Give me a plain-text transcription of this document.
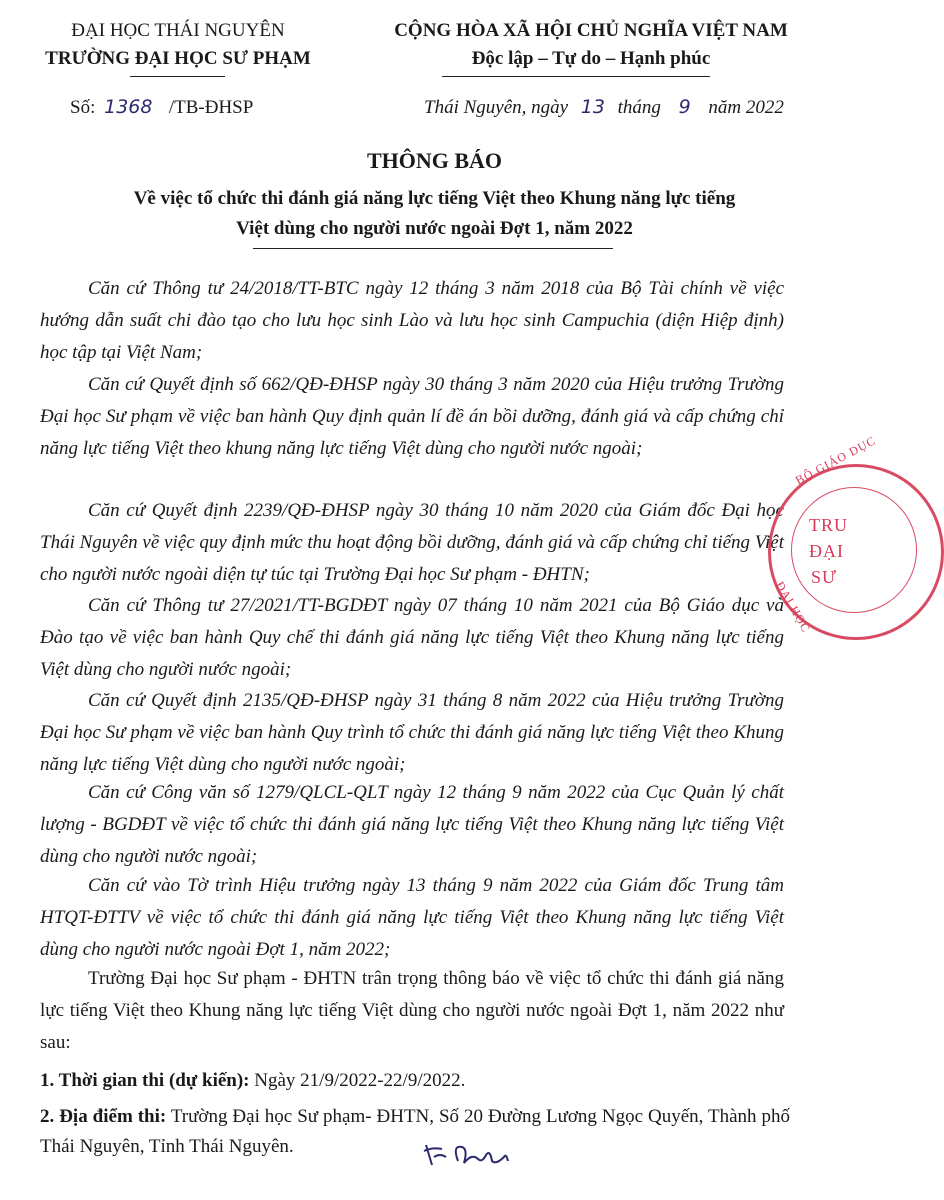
ĐẠI HỌC THÁI NGUYÊN
TRƯỜNG ĐẠI HỌC SƯ PHẠM
CỘNG HÒA XÃ HỘI CHỦ NGHĨA VIỆT NAM
Độc lập – Tự do – Hạnh phúc
Số: 1368 /TB-ĐHSP	Thái Nguyên, ngày 13 tháng 9 năm 2022
THÔNG BÁO
Về việc tổ chức thi đánh giá năng lực tiếng Việt theo Khung năng lực tiếng
Việt dùng cho người nước ngoài Đợt 1, năm 2022
Căn cứ Thông tư 24/2018/TT-BTC ngày 12 tháng 3 năm 2018 của Bộ Tài chính về việc hướng dẫn suất chi đào tạo cho lưu học sinh Lào và lưu học sinh Campuchia (diện Hiệp định) học tập tại Việt Nam;
Căn cứ Quyết định số 662/QĐ-ĐHSP ngày 30 tháng 3 năm 2020 của Hiệu trưởng Trường Đại học Sư phạm về việc ban hành Quy định quản lí đề án bồi dưỡng, đánh giá và cấp chứng chỉ năng lực tiếng Việt theo khung năng lực tiếng Việt dùng cho người nước ngoài;
Căn cứ Quyết định 2239/QĐ-ĐHSP ngày 30 tháng 10 năm 2020 của Giám đốc Đại học Thái Nguyên về việc quy định mức thu hoạt động bồi dưỡng, đánh giá và cấp chứng chỉ tiếng Việt cho người nước ngoài diện tự túc tại Trường Đại học Sư phạm - ĐHTN;
Căn cứ Thông tư 27/2021/TT-BGDĐT ngày 07 tháng 10 năm 2021 của Bộ Giáo dục và Đào tạo về việc ban hành Quy chế thi đánh giá năng lực tiếng Việt theo Khung năng lực tiếng Việt dùng cho người nước ngoài;
Căn cứ Quyết định 2135/QĐ-ĐHSP ngày 31 tháng 8 năm 2022 của Hiệu trưởng Trường Đại học Sư phạm về việc ban hành Quy trình tổ chức thi đánh giá năng lực tiếng Việt theo Khung năng lực tiếng Việt dùng cho người nước ngoài;
Căn cứ Công văn số 1279/QLCL-QLT ngày 12 tháng 9 năm 2022 của Cục Quản lý chất lượng - BGDĐT về việc tổ chức thi đánh giá năng lực tiếng Việt theo Khung năng lực tiếng Việt dùng cho người nước ngoài;
Căn cứ vào Tờ trình Hiệu trưởng ngày 13 tháng 9 năm 2022 của Giám đốc Trung tâm HTQT-ĐTTV về việc tổ chức thi đánh giá năng lực tiếng Việt theo Khung năng lực tiếng Việt dùng cho người nước ngoài Đợt 1, năm 2022;
Trường Đại học Sư phạm - ĐHTN trân trọng thông báo về việc tổ chức thi đánh giá năng lực tiếng Việt theo Khung năng lực tiếng Việt dùng cho người nước ngoài Đợt 1, năm 2022 như sau:
1. Thời gian thi (dự kiến): Ngày 21/9/2022-22/9/2022.
2. Địa điểm thi: Trường Đại học Sư phạm- ĐHTN, Số 20 Đường Lương Ngọc Quyến, Thành phố Thái Nguyên, Tỉnh Thái Nguyên.
BỘ GIÁO DỤC
TRU
ĐẠI
SƯ
ĐẠI HỌC
